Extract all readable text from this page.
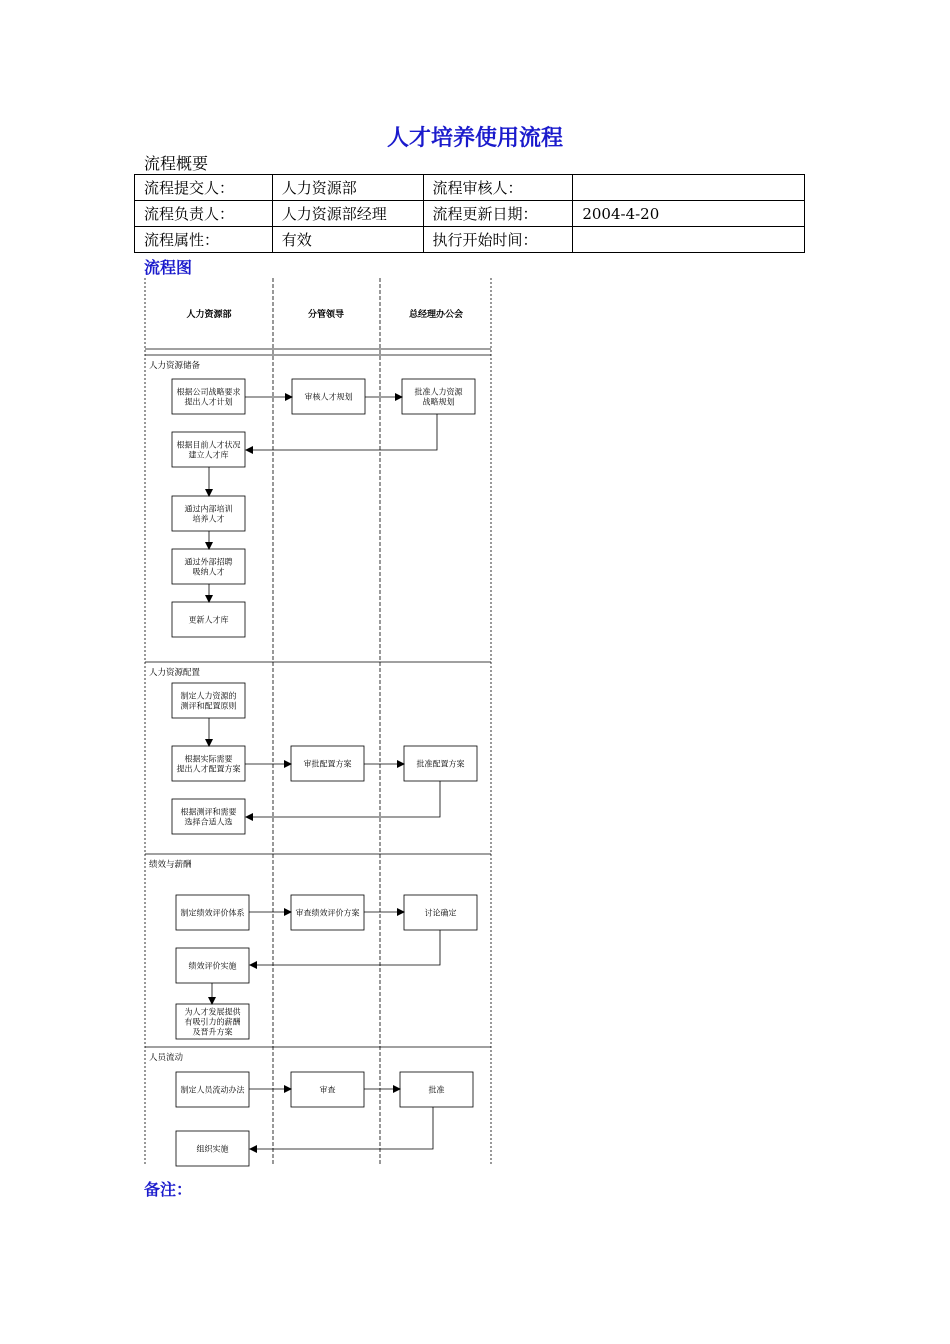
人才培养使用流程
流程概要
流程提交人：	人力资源部	流程审核人：	
流程负责人：	人力资源部经理	流程更新日期：	2004-4-20
流程属性：	有效	执行开始时间：	
流程图
人力资源部	分管领导	总经理办公会
人力资源储备
人力资源配置
绩效与薪酬
人员流动
根据公司战略要求
提出人才计划
审核人才规划
批准人力资源
战略规划
根据目前人才状况
建立人才库
通过内部培训
培养人才
通过外部招聘
吸纳人才
更新人才库
制定人力资源的
测评和配置原则
根据实际需要
提出人才配置方案
审批配置方案	批准配置方案
根据测评和需要
选择合适人选
制定绩效评价体系	审查绩效评价方案	讨论确定
绩效评价实施
为人才发展提供
有吸引力的薪酬
及晋升方案
制定人员流动办法	审查	批准
组织实施
备注：
